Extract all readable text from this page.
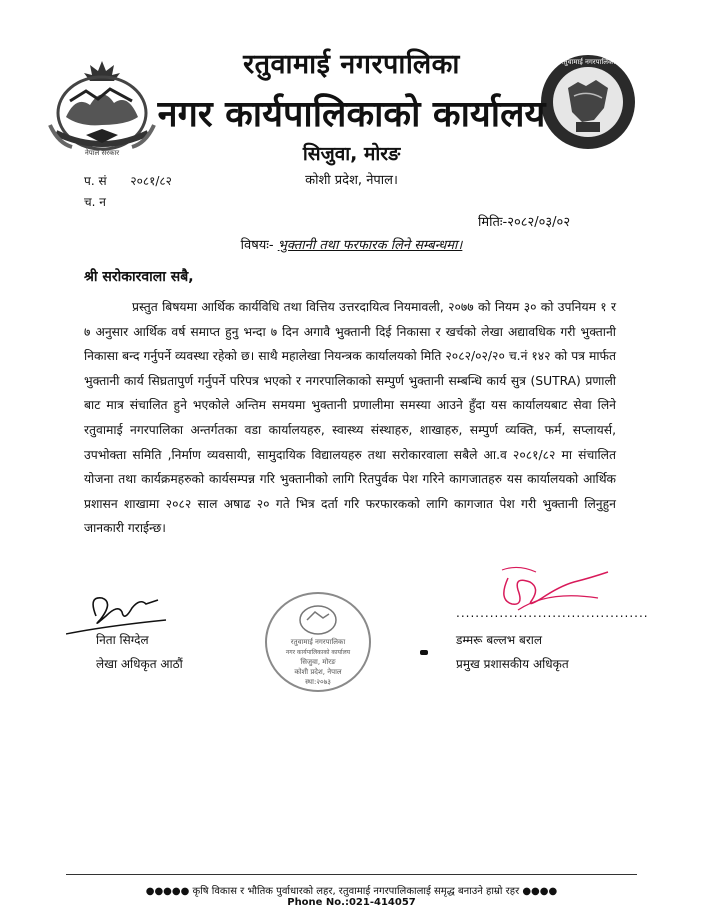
नेपाल सरकार
रतुवामाई नगरपालिका
रतुवामाई नगरपालिका
नगर कार्यपालिकाको कार्यालय
सिजुवा, मोरङ
कोशी प्रदेश, नेपाल।
प. सं २०८१/८२
च. न
मितिः-२०८२/०३/०२
विषयः- भुक्तानी तथा फरफारक लिने सम्बन्धमा।
श्री सरोकारवाला सबै,
प्रस्तुत बिषयमा आर्थिक कार्यविधि तथा वित्तिय उत्तरदायित्व नियमावली, २०७७ को नियम ३० को उपनियम १ र ७ अनुसार आर्थिक वर्ष समाप्त हुनु भन्दा ७ दिन अगावै भुक्तानी दिई निकासा र खर्चको लेखा अद्यावधिक गरी भुक्तानी निकासा बन्द गर्नुपर्ने व्यवस्था रहेको छ। साथै महालेखा नियन्त्रक कार्यालयको मिति २०८२/०२/२० च.नं १४२ को पत्र मार्फत भुक्तानी कार्य सिघ्रतापुर्ण गर्नुपर्ने परिपत्र भएको र नगरपालिकाको सम्पुर्ण भुक्तानी सम्बन्धि कार्य सुत्र (SUTRA) प्रणाली बाट मात्र संचालित हुने भएकोले अन्तिम समयमा भुक्तानी प्रणालीमा समस्या आउने हुँदा यस कार्यालयबाट सेवा लिने रतुवामाई नगरपालिका अन्तर्गतका वडा कार्यालयहरु, स्वास्थ्य संस्थाहरु, शाखाहरु, सम्पुर्ण व्यक्ति, फर्म, सप्लायर्स, उपभोक्ता समिति ,निर्माण व्यवसायी, सामुदायिक विद्यालयहरु तथा सरोकारवाला सबैले आ.व २०८१/८२ मा संचालित योजना तथा कार्यक्रमहरुको कार्यसम्पन्न गरि भुक्तानीको लागि रितपुर्वक पेश गरिने कागजातहरु यस कार्यालयको आर्थिक प्रशासन शाखामा २०८२ साल अषाढ २० गते भित्र दर्ता गरि फरफारकको लागि कागजात पेश गरी भुक्तानी लिनुहुन जानकारी गराईन्छ।
निता सिग्देल
लेखा अधिकृत आठौं
रतुवामाई नगरपालिका
नगर कार्यपालिकाको कार्यालय
सिजुवा, मोरङ
कोशी प्रदेश, नेपाल
स्था:२०७३
........................................
डम्मरू बल्लभ बराल
प्रमुख प्रशासकीय अधिकृत
●●●●● कृषि विकास र भौतिक पुर्वाधारको लहर, रतुवामाई नगरपालिकालाई समृद्ध बनाउने हाम्रो रहर ●●●●
Phone No.:021-414057
